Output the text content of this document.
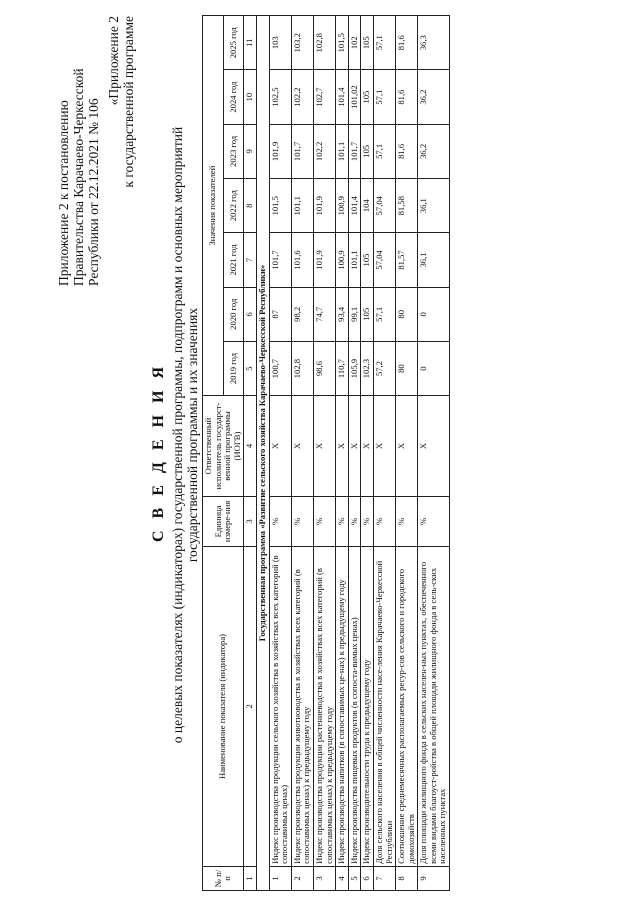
Приложение 2 к постановлению Правительства Карачаево-Черкесской Республики от 22.12.2021 № 106
«Приложение 2 к государственной программе
С В Е Д Е Н И Я о целевых показателях (индикаторах) государственной программы, подпрограмм и основных мероприятий государственной программы и их значениях
№ п/п	Наименование показателя (индикатора)	Единица измере-ния	Ответственный исполнитель государст-венной программы (ИОГВ)	Значения показателей						
				2019 год	2020 год	2021 год	2022 год	2023 год	2024 год	2025 год
1	2	3	4	5	6	7	8	9	10	11
Государственная программа «Развитие сельского хозяйства Карачаево-Черкесской Республики»										
1	Индекс производства продукции сельского хозяйства в хозяйствах всех категорий (в сопоставимых ценах)	%	X	100,7	87	101,7	101,5	101,9	102,5	103
2	Индекс производства продукции животноводства в хозяйствах всех категорий (в сопоставимых ценах) к предыдущему году	%	X	102,8	98,2	101,6	101,1	101,7	102,2	103,2
3	Индекс производства продукции растениеводства в хозяйствах всех категорий (в сопоставимых ценах) к предыдущему году	%	X	98,6	74,7	101,9	101,9	102,2	102,7	102,8
4	Индекс производства напитков (в сопоставимых це-нах) к предыдущему году	%	X	110,7	93,4	100,9	100,9	101,1	101,4	101,5
5	Индекс производства пищевых продуктов (в сопоста-вимых ценах)	%	X	105,9	99,1	101,1	101,4	101,7	101,02	102
6	Индекс производительности труда к предыдущему году	%	X	102,3	105	105	104	105	105	105
7	Доля сельского населения в общей численности насе-ления Карачаево-Черкесской Республики	%	X	57,2	57,1	57,04	57,04	57,1	57,1	57,1
8	Соотношение среднемесячных располагаемых ресур-сов сельского и городского домохозяйств	%	X	80	80	81,57	81,58	81,6	81,6	81,6
9	Доля площади жилищного фонда в сельских населен-ных пунктах, обеспеченного всеми видами благоуст-ройства в общей площади жилищного фонда в сель-ских населенных пунктах	%	X	0	0	36,1	36,1	36,2	36,2	36,3
